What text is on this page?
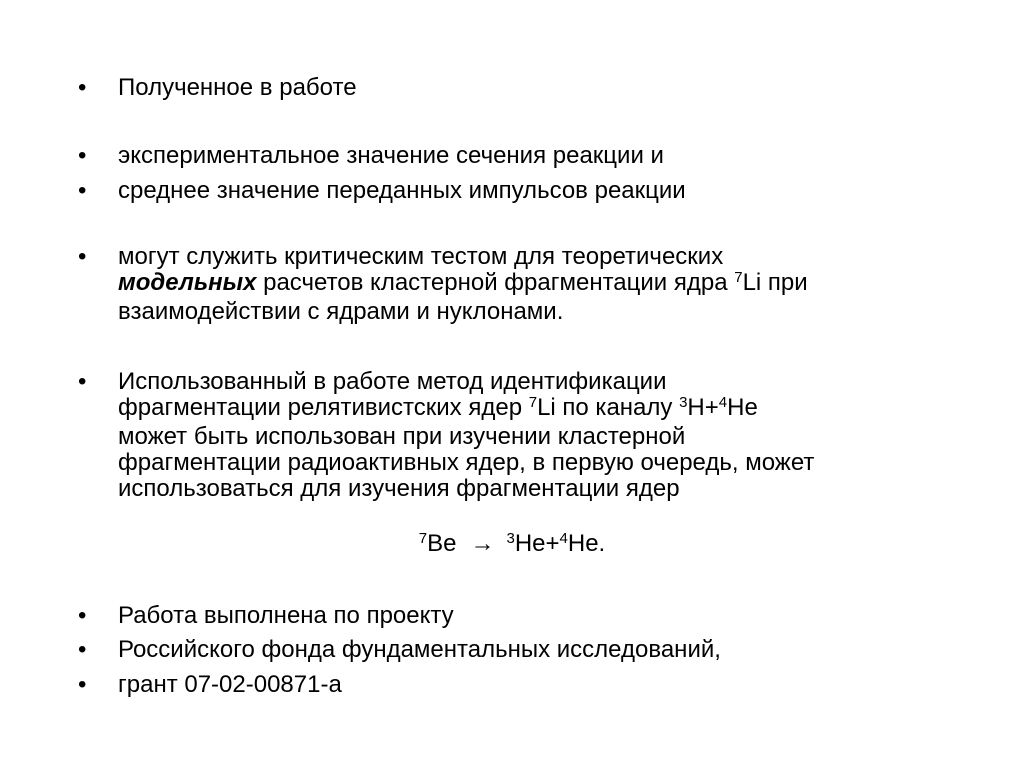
•	Полученное в работе
•	экспериментальное значение сечения реакции и
•	среднее значение переданных импульсов реакции
•	могут служить критическим тестом для теоретических
модельных расчетов кластерной фрагментации ядра $^7$Li при
взаимодействии с ядрами и нуклонами.
•	Использованный в работе метод идентификации
фрагментации релятивистских ядер $^7$Li по каналу $^3$H+$^4$He
может быть использован при изучении кластерной
фрагментации радиоактивных ядер, в первую очередь, может
использоваться для изучения фрагментации ядер
$^7$Be → $^3$He+$^4$He.
•	Работа выполнена по проекту
•	Российского фонда фундаментальных исследований,
•	грант 07-02-00871-a
